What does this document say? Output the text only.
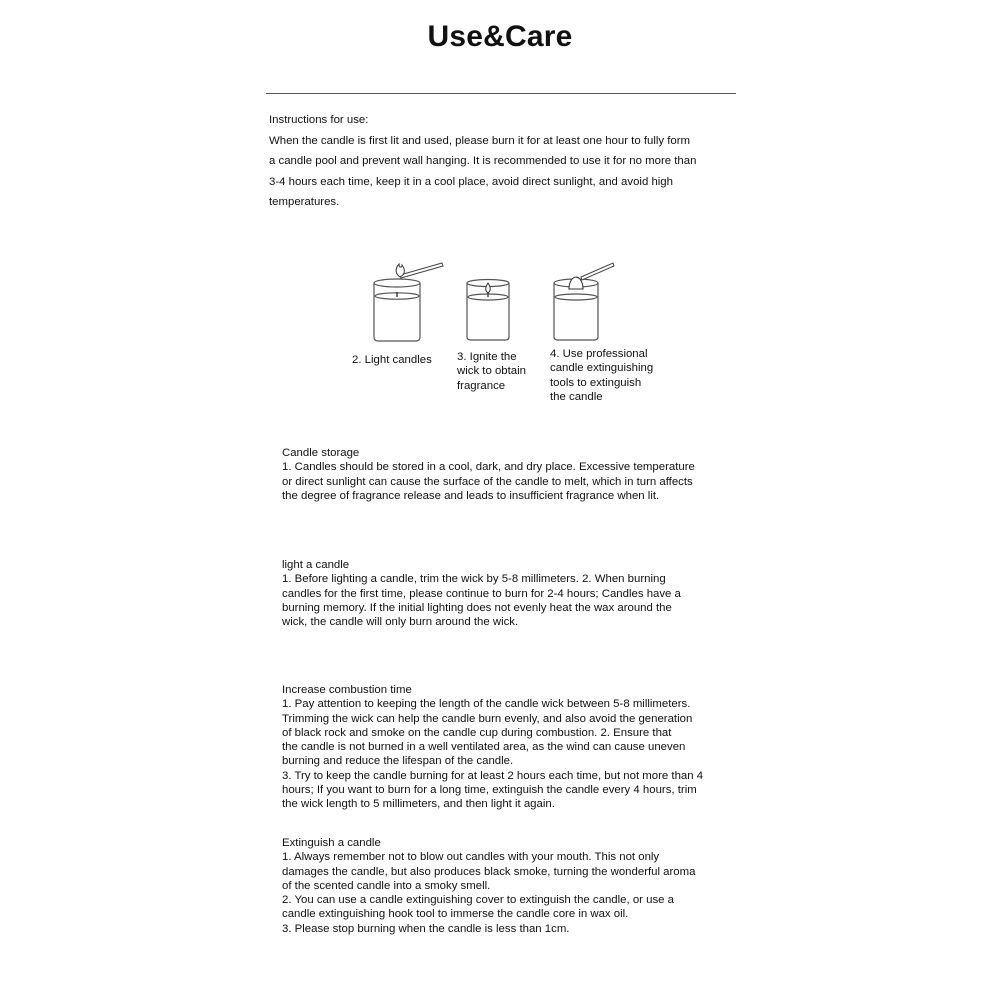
Use&Care

Instructions for use:

When the candle is first lit and used, please burn it for at least one hour to fully form

a candle pool and prevent wall hanging. It is recommended to use it for no more than

3-4 hours each time, keep it in a cool place, avoid direct sunlight, and avoid high

temperatures.

2. Light candles 3. Ignite the
wick to obtain
fragrance
4. Use professional
candle extinguishing
tools to extinguish
the candle

Candle storage

1. Candles should be stored in a cool, dark, and dry place. Excessive temperature

or direct sunlight can cause the surface of the candle to melt, which in turn affects

the degree of fragrance release and leads to insufficient fragrance when lit.

light a candle

1. Before lighting a candle, trim the wick by 5-8 millimeters. 2. When burning

candles for the first time, please continue to burn for 2-4 hours; Candles have a

burning memory. If the initial lighting does not evenly heat the wax around the

wick, the candle will only burn around the wick.

Increase combustion time

1. Pay attention to keeping the length of the candle wick between 5-8 millimeters.

Trimming the wick can help the candle burn evenly, and also avoid the generation

of black rock and smoke on the candle cup during combustion. 2. Ensure that

the candle is not burned in a well ventilated area, as the wind can cause uneven

burning and reduce the lifespan of the candle.

3. Try to keep the candle burning for at least 2 hours each time, but not more than 4

hours; If you want to burn for a long time, extinguish the candle every 4 hours, trim

the wick length to 5 millimeters, and then light it again.

Extinguish a candle

1. Always remember not to blow out candles with your mouth. This not only

damages the candle, but also produces black smoke, turning the wonderful aroma

of the scented candle into a smoky smell.

2. You can use a candle extinguishing cover to extinguish the candle, or use a

candle extinguishing hook tool to immerse the candle core in wax oil.

3. Please stop burning when the candle is less than 1cm.
